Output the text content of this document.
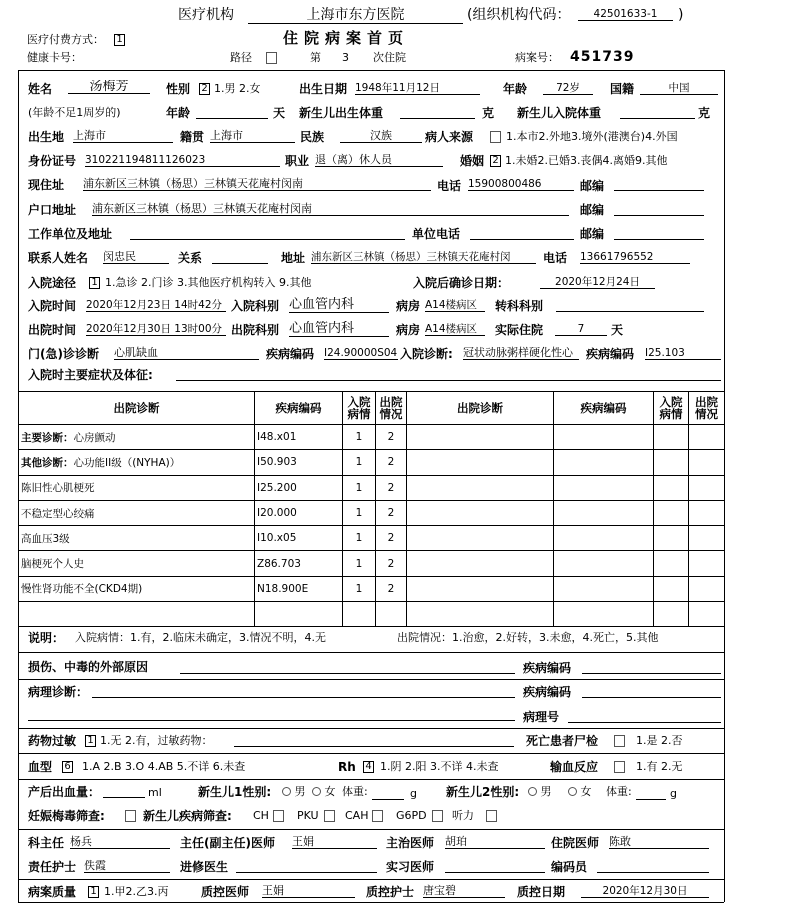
医疗机构	上海市东方医院	(组织机构代码：	42501633-1	)
住院病案首页
医疗付费方式： 1
健康卡号：	路径	第 3 次住院	病案号： 451739
姓名	汤梅芳	性别 2 1.男 2.女	出生日期 1948年11月12日	年龄	72岁	国籍	中国
(年龄不足1周岁的)	年龄	天 新生儿出生体重	克 新生儿入院体重	克
出生地 上海市	籍贯 上海市	民族	汉族	病人来源	1.本市2.外地3.境外(港澳台)4.外国
身份证号 310221194811126023	职业 退（离）休人员	婚姻 2 1.未婚2.已婚3.丧偶4.离婚9.其他
现住址 浦东新区三林镇（杨思）三林镇天花庵村闵南	电话 15900800486	邮编
户口地址 浦东新区三林镇（杨思）三林镇天花庵村闵南	邮编
工作单位及地址	单位电话	邮编
联系人姓名 闵忠民	关系	地址 浦东新区三林镇（杨思）三林镇天花庵村闵	电话 13661796552
入院途径 1 1.急诊 2.门诊 3.其他医疗机构转入 9.其他	入院后确诊日期：	2020年12月24日
入院时间 2020年12月23日 14时42分 入院科别 心血管内科	病房 A14楼病区	转科科别
出院时间 2020年12月30日 13时00分 出院科别 心血管内科	病房 A14楼病区	实际住院	7	天
门(急)诊诊断 心肌缺血	疾病编码 I24.90000S04 入院诊断: 冠状动脉粥样硬化性心	疾病编码 I25.103
入院时主要症状及体征:
出院诊断	疾病编码	入院病情	出院情况	出院诊断	疾病编码	入院病情	出院情况
主要诊断：心房颤动	I48.x01	1	2				
其他诊断：心功能II级（(NYHA)）	I50.903	1	2				
陈旧性心肌梗死	I25.200	1	2				
不稳定型心绞痛	I20.000	1	2				
高血压3级	I10.x05	1	2				
脑梗死个人史	Z86.703	1	2				
慢性肾功能不全(CKD4期)	N18.900E	1	2				

说明： 入院病情：1.有，2.临床未确定，3.情况不明，4.无	出院情况：1.治愈，2.好转，3.未愈，4.死亡，5.其他
损伤、中毒的外部原因	疾病编码
病理诊断：	疾病编码
病理号
药物过敏 1 1.无 2.有，过敏药物：	死亡患者尸检	1.是 2.否
血型 6 1.A 2.B 3.O 4.AB 5.不详 6.未查	Rh 4 1.阴 2.阳 3.不详 4.未查	输血反应	1.有 2.无
产后出血量：	ml	新生儿1性别:	男	女 体重:	g 新生儿2性别:	男	女 体重:	g
妊娠梅毒筛查:	新生儿疾病筛查: CH	PKU CAH	G6PD 听力
科主任 杨兵	主任(副主任)医师 王娟	主治医师 胡珀	住院医师 陈敢
责任护士 佚霞	进修医生	实习医师	编码员
病案质量 1 1.甲2.乙3.丙	质控医师 王娟	质控护士 唐宝碧	质控日期	2020年12月30日
